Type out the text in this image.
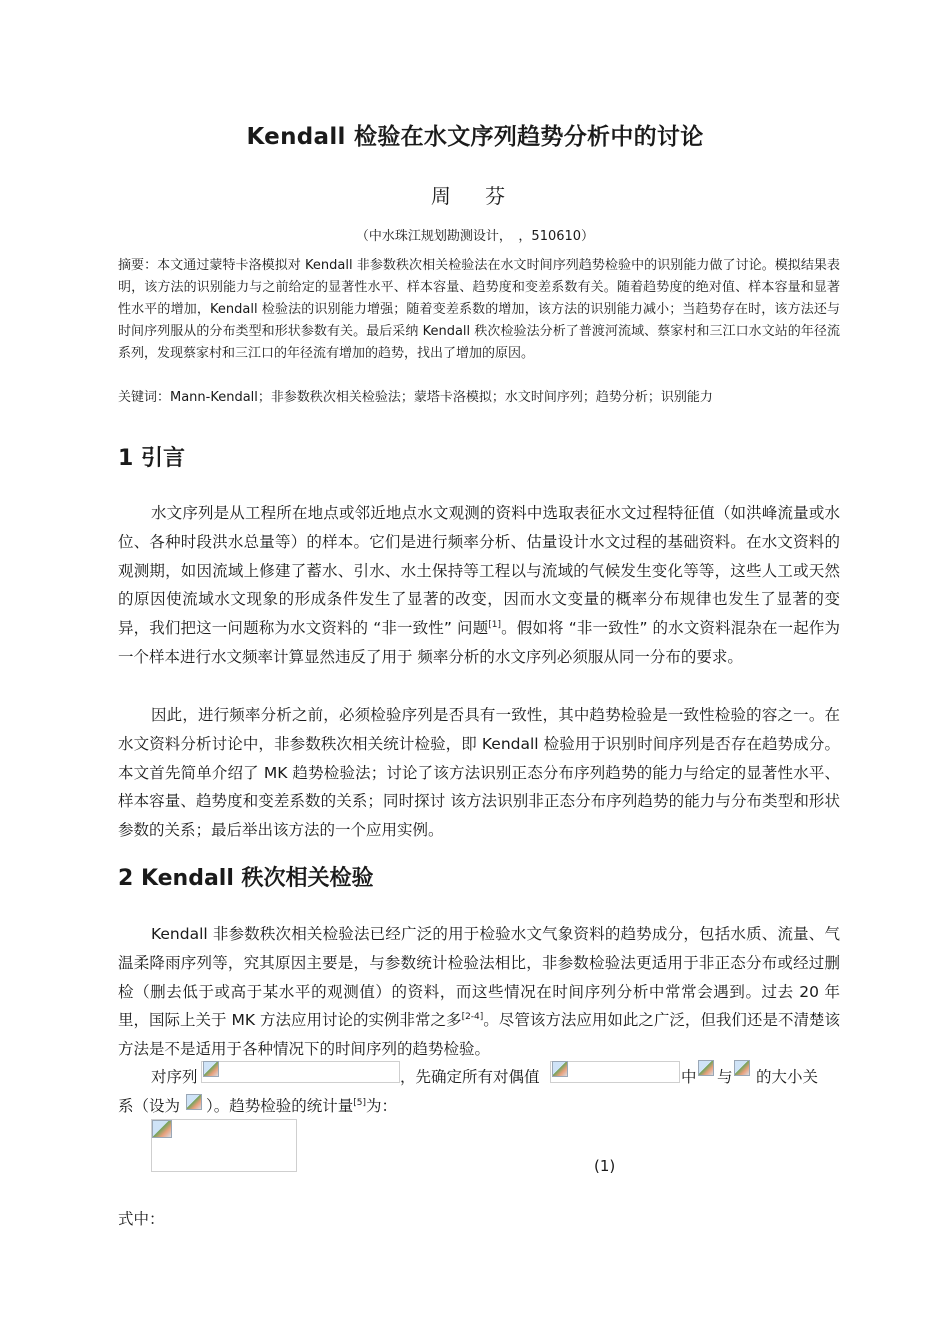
Kendall 检验在水文序列趋势分析中的讨论
周 芬
（中水珠江规划勘测设计，　，510610）
摘要：本文通过蒙特卡洛模拟对 Kendall 非参数秩次相关检验法在水文时间序列趋势检验中的识别能力做了讨论。模拟结果表明，该方法的识别能力与之前给定的显著性水平、样本容量、趋势度和变差系数有关。随着趋势度的绝对值、样本容量和显著性水平的增加，Kendall 检验法的识别能力增强；随着变差系数的增加，该方法的识别能力减小；当趋势存在时，该方法还与时间序列服从的分布类型和形状参数有关。最后采纳 Kendall 秩次检验法分析了普渡河流域、蔡家村和三江口水文站的年径流系列，发现蔡家村和三江口的年径流有增加的趋势，找出了增加的原因。
关键词：Mann-Kendall；非参数秩次相关检验法；蒙塔卡洛模拟；水文时间序列；趋势分析；识别能力
1 引言

水文序列是从工程所在地点或邻近地点水文观测的资料中选取表征水文过程特征值（如洪峰流量或水位、各种时段洪水总量等）的样本。它们是进行频率分析、估量设计水文过程的基础资料。在水文资料的观测期，如因流域上修建了蓄水、引水、水土保持等工程以与流域的气候发生变化等等，这些人工或天然的原因使流域水文现象的形成条件发生了显著的改变，因而水文变量的概率分布规律也发生了显著的变异，我们把这一问题称为水文资料的 “非一致性” 问题[1]。假如将 “非一致性” 的水文资料混杂在一起作为一个样本进行水文频率计算显然违反了用于 频率分析的水文序列必须服从同一分布的要求。

因此，进行频率分析之前，必须检验序列是否具有一致性，其中趋势检验是一致性检验的容之一。在水文资料分析讨论中，非参数秩次相关统计检验，即 Kendall 检验用于识别时间序列是否存在趋势成分。本文首先简单介绍了 MK 趋势检验法；讨论了该方法识别正态分布序列趋势的能力与给定的显著性水平、样本容量、趋势度和变差系数的关系；同时探讨 该方法识别非正态分布序列趋势的能力与分布类型和形状参数的关系；最后举出该方法的一个应用实例。

2 Kendall 秩次相关检验

Kendall 非参数秩次相关检验法已经广泛的用于检验水文气象资料的趋势成分，包括水质、流量、气温柔降雨序列等，究其原因主要是，与参数统计检验法相比，非参数检验法更适用于非正态分布或经过删检（删去低于或高于某水平的观测值）的资料，而这些情况在时间序列分析中常常会遇到。过去 20 年里，国际上关于 MK 方法应用讨论的实例非常之多[2-4]。尽管该方法应用如此之广泛，但我们还是不清楚该方法是不是适用于各种情况下的时间序列的趋势检验。

对序列	，先确定所有对偶值	中 与 的大小关
系（设为 ）。趋势检验的统计量[5]为：
(1)
式中：
